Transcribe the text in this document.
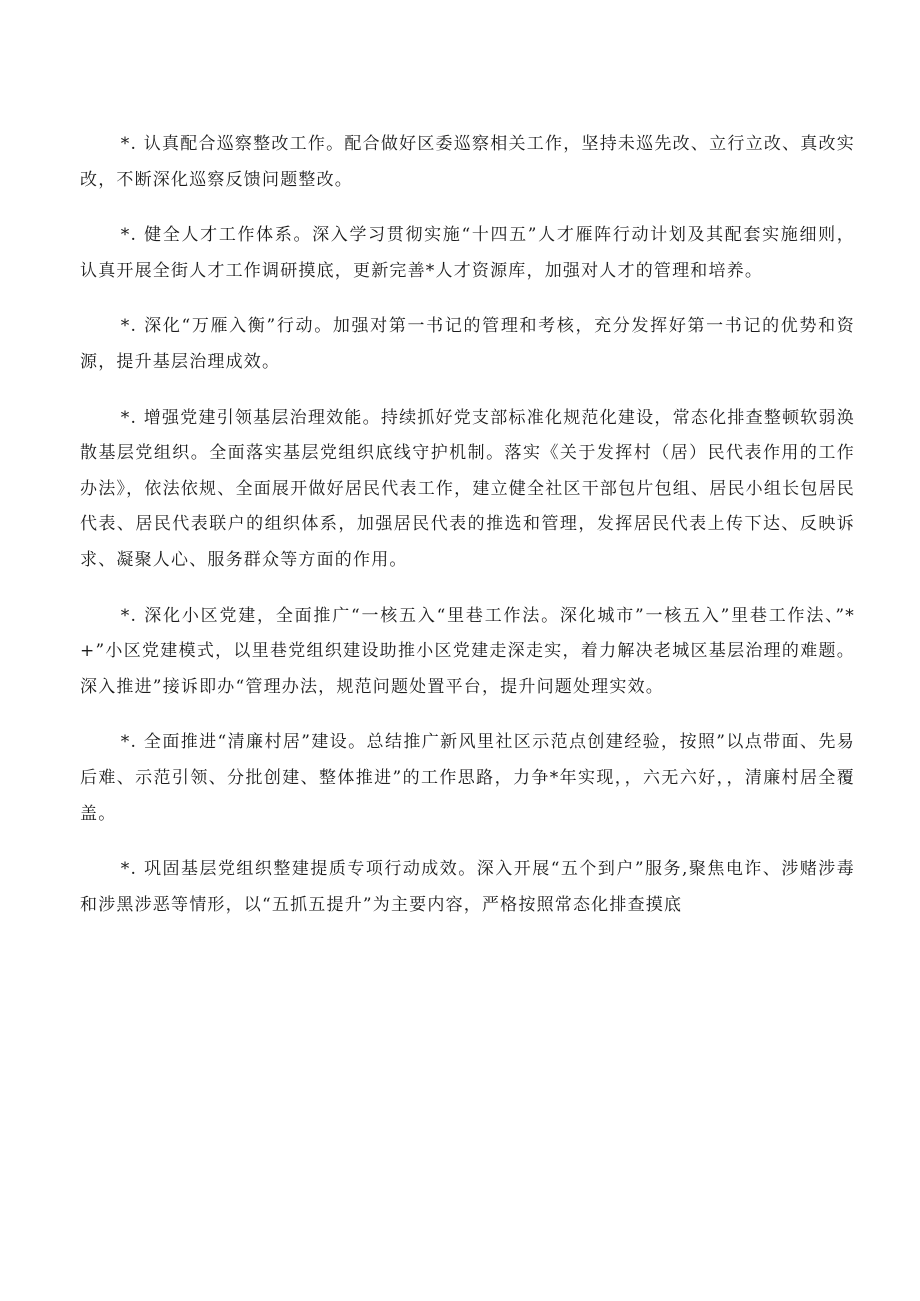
*. 认真配合巡察整改工作。配合做好区委巡察相关工作，坚持未巡先改、立行立改、真改实改，不断深化巡察反馈问题整改。

*. 健全人才工作体系。深入学习贯彻实施“十四五”人才雁阵行动计划及其配套实施细则，认真开展全街人才工作调研摸底，更新完善*人才资源库，加强对人才的管理和培养。

*. 深化“万雁入衡”行动。加强对第一书记的管理和考核，充分发挥好第一书记的优势和资源，提升基层治理成效。

*. 增强党建引领基层治理效能。持续抓好党支部标准化规范化建设，常态化排查整顿软弱涣散基层党组织。全面落实基层党组织底线守护机制。落实《关于发挥村（居）民代表作用的工作办法》，依法依规、全面展开做好居民代表工作，建立健全社区干部包片包组、居民小组长包居民代表、居民代表联户的组织体系，加强居民代表的推选和管理，发挥居民代表上传下达、反映诉求、凝聚人心、服务群众等方面的作用。

*. 深化小区党建，全面推广“一核五入“里巷工作法。深化城市”一核五入”里巷工作法、”*+”小区党建模式，以里巷党组织建设助推小区党建走深走实，着力解决老城区基层治理的难题。深入推进”接诉即办“管理办法，规范问题处置平台，提升问题处理实效。

*. 全面推进“清廉村居”建设。总结推广新风里社区示范点创建经验，按照”以点带面、先易后难、示范引领、分批创建、整体推进”的工作思路，力争*年实现，，六无六好，，清廉村居全覆盖。

*. 巩固基层党组织整建提质专项行动成效。深入开展“五个到户”服务,聚焦电诈、涉赌涉毒和涉黑涉恶等情形，以“五抓五提升”为主要内容，严格按照常态化排查摸底
